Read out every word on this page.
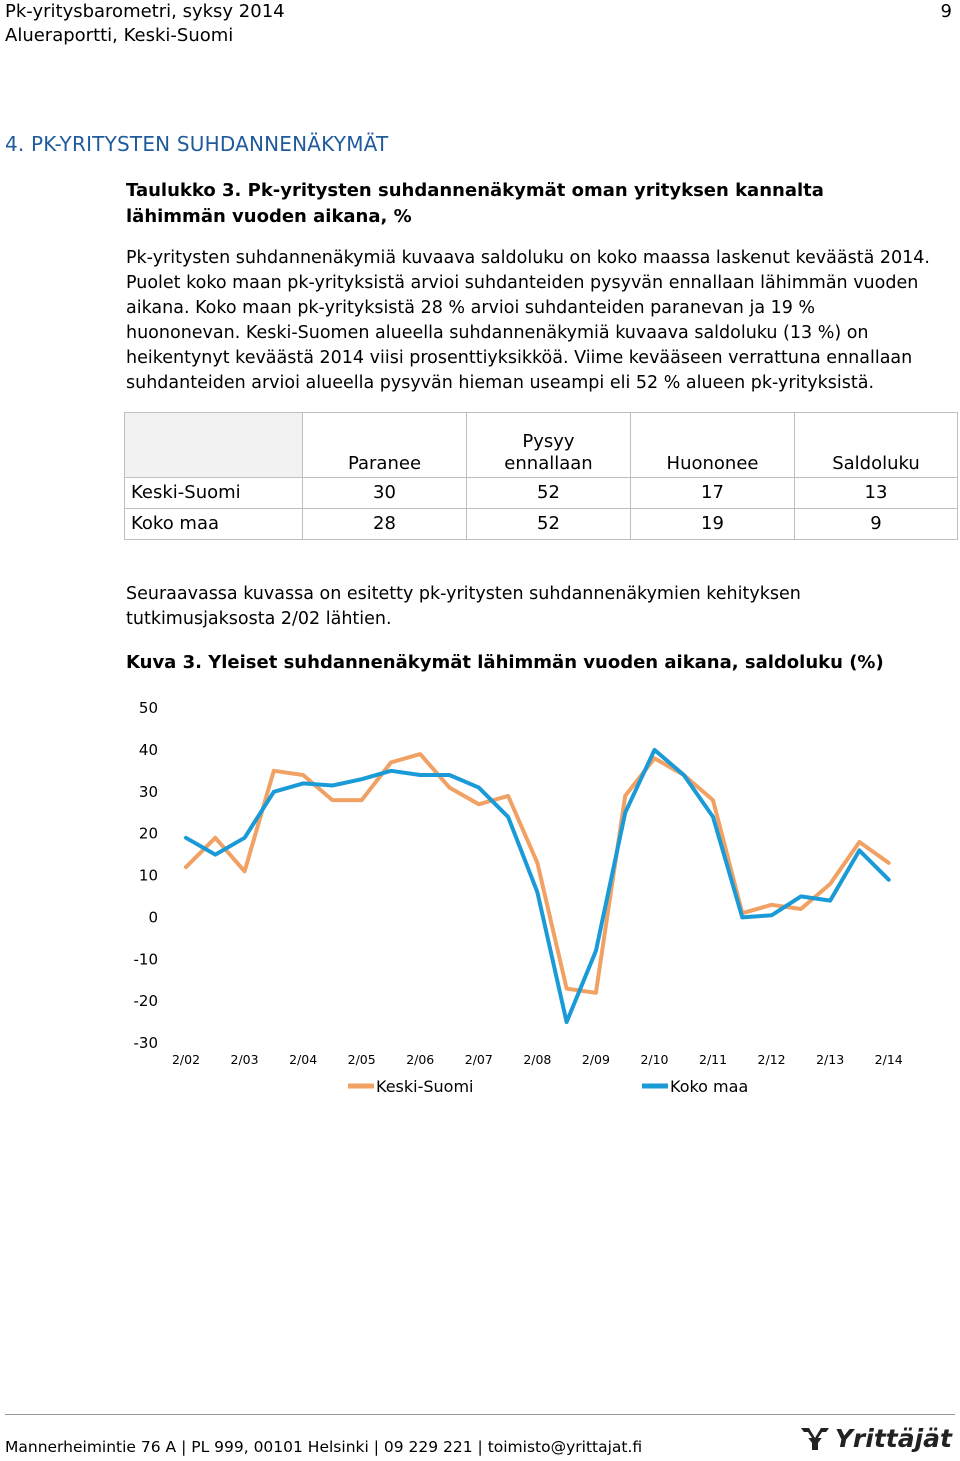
Pk-yritysbarometri, syksy 2014
Alueraportti, Keski-Suomi
9
4. PK-YRITYSTEN SUHDANNENÄKYMÄT
Taulukko 3. Pk-yritysten suhdannenäkymät oman yrityksen kannalta lähimmän vuoden aikana, %
Pk-yritysten suhdannenäkymiä kuvaava saldoluku on koko maassa laskenut keväästä 2014. Puolet koko maan pk-yrityksistä arvioi suhdanteiden pysyvän ennallaan lähimmän vuoden aikana. Koko maan pk-yrityksistä 28 % arvioi suhdanteiden paranevan ja 19 % huononevan. Keski-Suomen alueella suhdannenäkymiä kuvaava saldoluku (13 %) on heikentynyt keväästä 2014 viisi prosenttiyksikköä. Viime kevääseen verrattuna ennallaan suhdanteiden arvioi alueella pysyvän hieman useampi eli 52 % alueen pk-yrityksistä.
	Paranee	Pysyy ennallaan	Huononee	Saldoluku
Keski-Suomi	30	52	17	13
Koko maa	28	52	19	9
Seuraavassa kuvassa on esitetty pk-yritysten suhdannenäkymien kehityksen tutkimusjaksosta 2/02 lähtien.
Kuva 3. Yleiset suhdannenäkymät lähimmän vuoden aikana, saldoluku (%)
50
40
30
20
10
0
-10
-20
-30
2/02 2/03 2/04 2/05 2/06 2/07 2/08 2/09 2/10 2/11 2/12 2/13 2/14
Keski-Suomi	Koko maa
Mannerheimintie 76 A | PL 999, 00101 Helsinki | 09 229 221 | toimisto@yrittajat.fi	Yrittäjät
